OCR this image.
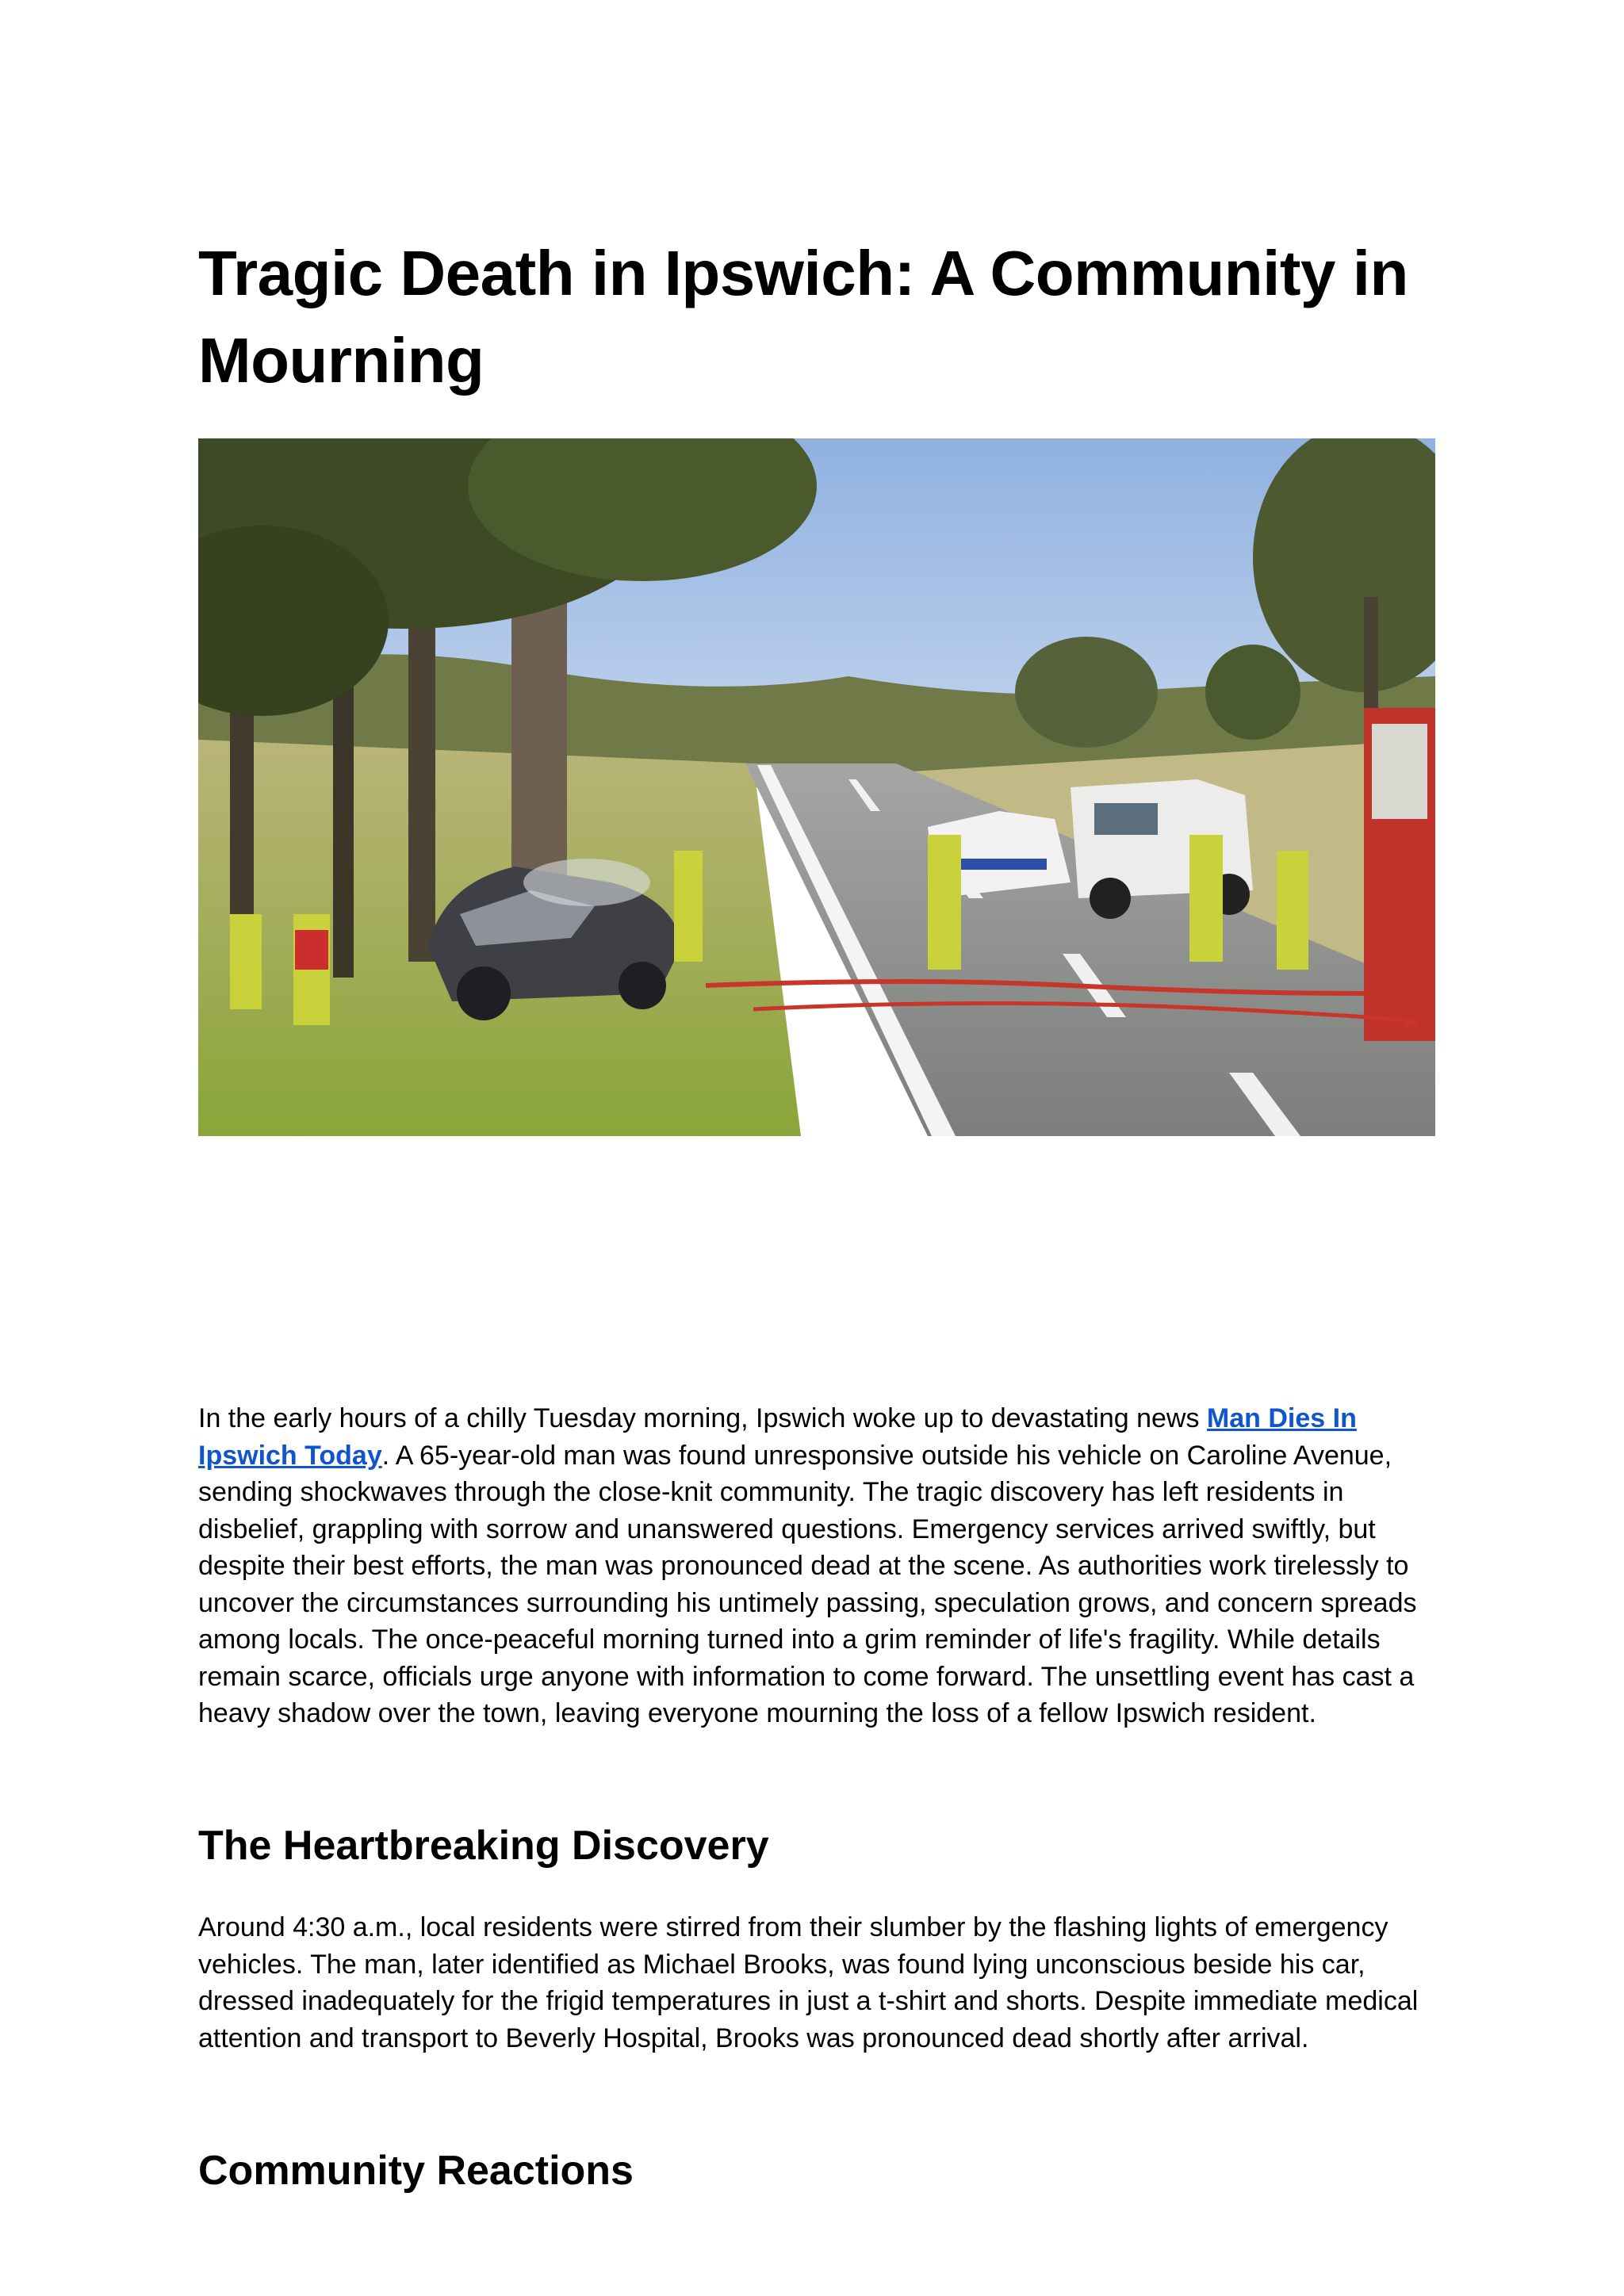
Tragic Death in Ipswich: A Community in Mourning

In the early hours of a chilly Tuesday morning, Ipswich woke up to devastating news Man Dies In Ipswich Today. A 65-year-old man was found unresponsive outside his vehicle on Caroline Avenue, sending shockwaves through the close-knit community. The tragic discovery has left residents in disbelief, grappling with sorrow and unanswered questions. Emergency services arrived swiftly, but despite their best efforts, the man was pronounced dead at the scene. As authorities work tirelessly to uncover the circumstances surrounding his untimely passing, speculation grows, and concern spreads among locals. The once-peaceful morning turned into a grim reminder of life's fragility. While details remain scarce, officials urge anyone with information to come forward. The unsettling event has cast a heavy shadow over the town, leaving everyone mourning the loss of a fellow Ipswich resident.

The Heartbreaking Discovery

Around 4:30 a.m., local residents were stirred from their slumber by the flashing lights of emergency vehicles. The man, later identified as Michael Brooks, was found lying unconscious beside his car, dressed inadequately for the frigid temperatures in just a t-shirt and shorts. Despite immediate medical attention and transport to Beverly Hospital, Brooks was pronounced dead shortly after arrival.

Community Reactions
